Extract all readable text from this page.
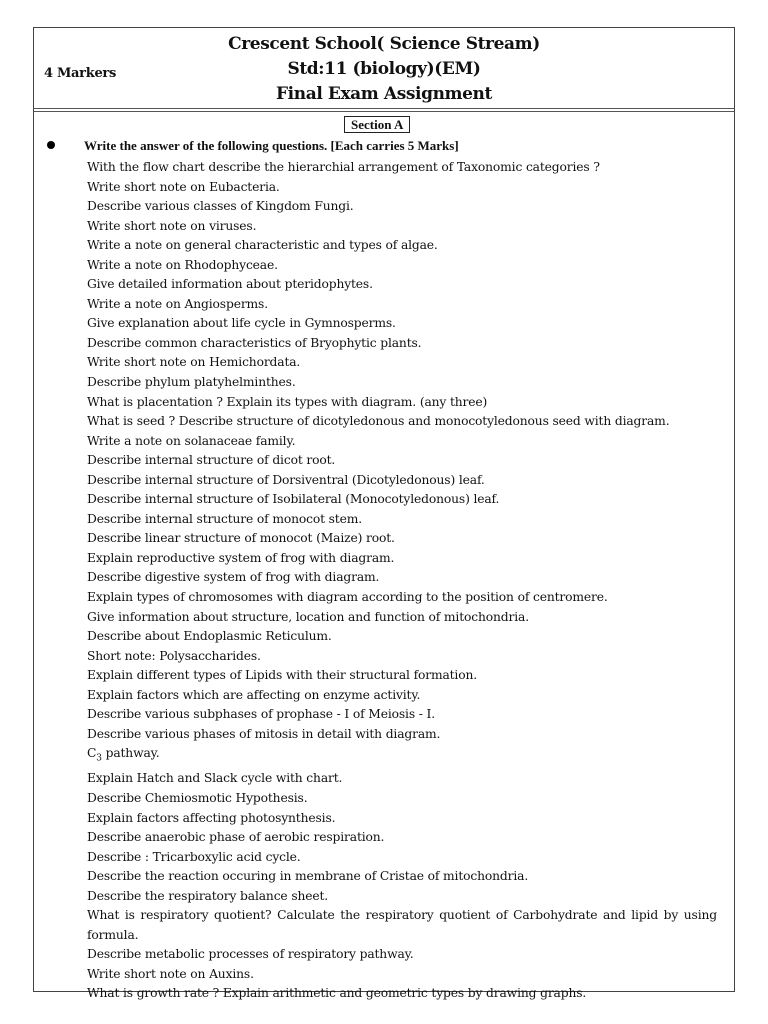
4 Markers
Crescent School( Science Stream)
Std:11 (biology)(EM)
Final Exam Assignment
Section A
Write the answer of the following questions. [Each carries 5 Marks]
With the flow chart describe the hierarchial arrangement of Taxonomic categories ?
Write short note on Eubacteria.
Describe various classes of Kingdom Fungi.
Write short note on viruses.
Write a note on general characteristic and types of algae.
Write a note on Rhodophyceae.
Give detailed information about pteridophytes.
Write a note on Angiosperms.
Give explanation about life cycle in Gymnosperms.
Describe common characteristics of Bryophytic plants.
Write short note on Hemichordata.
Describe phylum platyhelminthes.
What is placentation ? Explain its types with diagram. (any three)
What is seed ? Describe structure of dicotyledonous and monocotyledonous seed with diagram.
Write a note on solanaceae family.
Describe internal structure of dicot root.
Describe internal structure of Dorsiventral (Dicotyledonous) leaf.
Describe internal structure of Isobilateral (Monocotyledonous) leaf.
Describe internal structure of monocot stem.
Describe linear structure of monocot (Maize) root.
Explain reproductive system of frog with diagram.
Describe digestive system of frog with diagram.
Explain types of chromosomes with diagram according to the position of centromere.
Give information about structure, location and function of mitochondria.
Describe about Endoplasmic Reticulum.
Short note: Polysaccharides.
Explain different types of Lipids with their structural formation.
Explain factors which are affecting on enzyme activity.
Describe various subphases of prophase - I of Meiosis - I.
Describe various phases of mitosis in detail with diagram.
$C_3$ pathway.
Explain Hatch and Slack cycle with chart.
Describe Chemiosmotic Hypothesis.
Explain factors affecting photosynthesis.
Describe anaerobic phase of aerobic respiration.
Describe : Tricarboxylic acid cycle.
Describe the reaction occuring in membrane of Cristae of mitochondria.
Describe the respiratory balance sheet.
What is respiratory quotient? Calculate the respiratory quotient of Carbohydrate and lipid by using formula.
Describe metabolic processes of respiratory pathway.
Write short note on Auxins.
What is growth rate ? Explain arithmetic and geometric types by drawing graphs.
